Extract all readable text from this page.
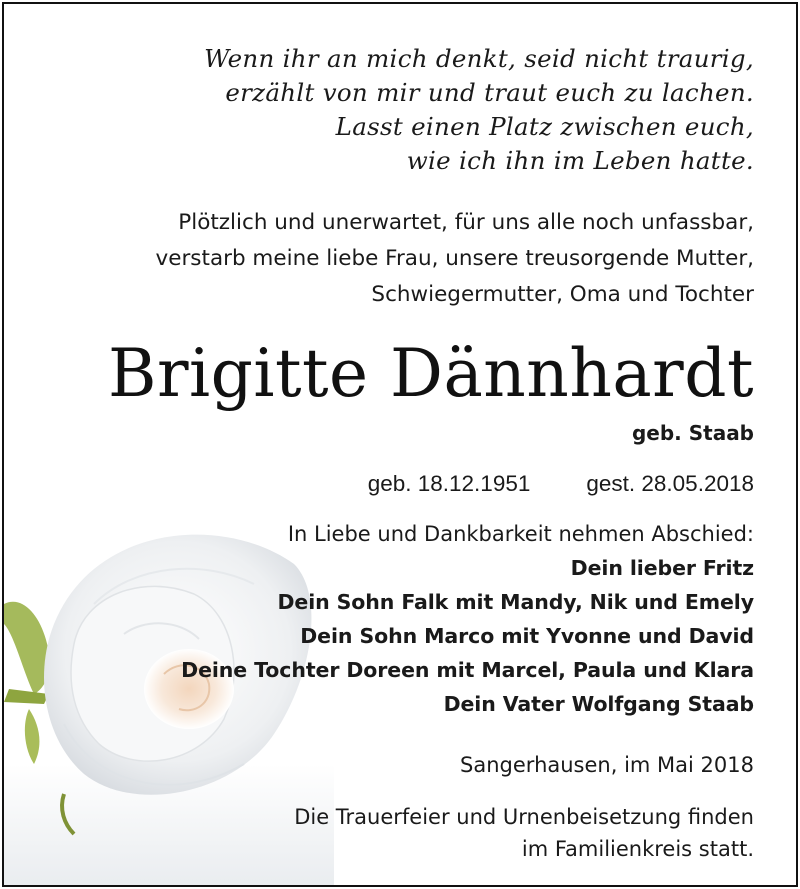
Wenn ihr an mich denkt, seid nicht traurig,
erzählt von mir und traut euch zu lachen.
Lasst einen Platz zwischen euch,
wie ich ihn im Leben hatte.
Plötzlich und unerwartet, für uns alle noch unfassbar,
verstarb meine liebe Frau, unsere treusorgende Mutter,
Schwiegermutter, Oma und Tochter
Brigitte Dännhardt
geb. Staab
geb. 18.12.1951 gest. 28.05.2018
In Liebe und Dankbarkeit nehmen Abschied:
Dein lieber Fritz
Dein Sohn Falk mit Mandy, Nik und Emely
Dein Sohn Marco mit Yvonne und David
Deine Tochter Doreen mit Marcel, Paula und Klara
Dein Vater Wolfgang Staab
Sangerhausen, im Mai 2018
Die Trauerfeier und Urnenbeisetzung finden
im Familienkreis statt.
